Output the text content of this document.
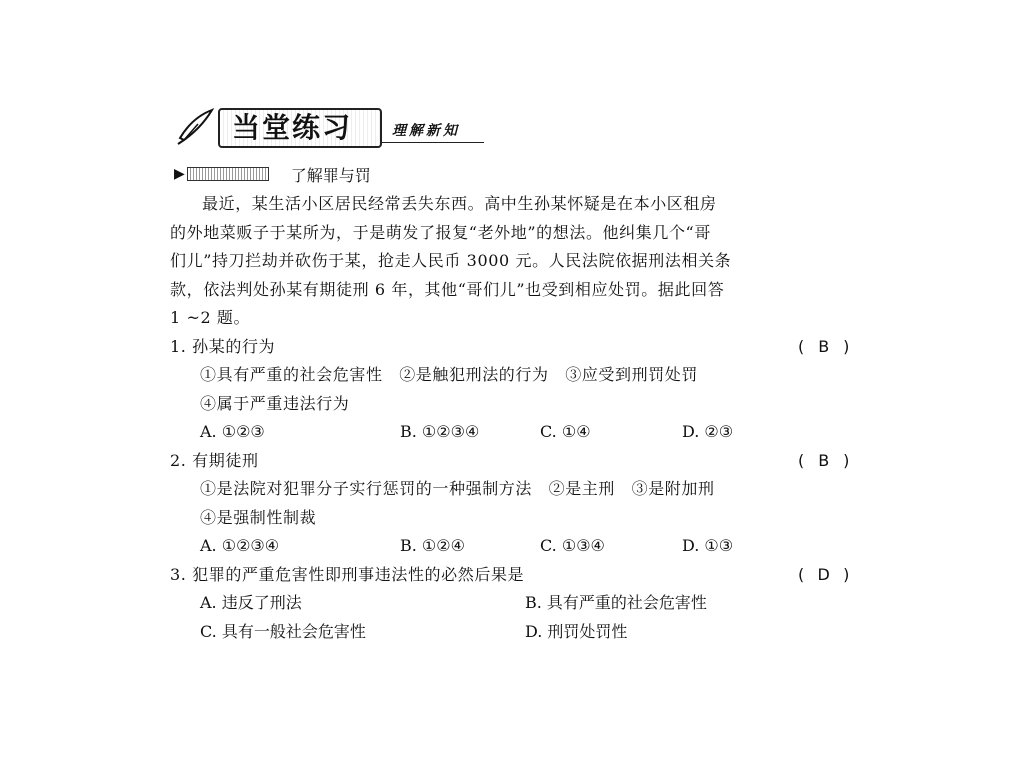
当堂练习	理解新知
▶	了解罪与罚
最近，某生活小区居民经常丢失东西。高中生孙某怀疑是在本小区租房
的外地菜贩子于某所为，于是萌发了报复“老外地”的想法。他纠集几个“哥
们儿”持刀拦劫并砍伤于某，抢走人民币 3000 元。人民法院依据刑法相关条
款，依法判处孙某有期徒刑 6 年，其他“哥们儿”也受到相应处罚。据此回答
1 ~2 题。
1. 孙某的行为	( B )
①具有严重的社会危害性　②是触犯刑法的行为　③应受到刑罚处罚
④属于严重违法行为
A. ①②③	B. ①②③④	C. ①④	D. ②③
2. 有期徒刑	( B )
①是法院对犯罪分子实行惩罚的一种强制方法　②是主刑　③是附加刑
④是强制性制裁
A. ①②③④	B. ①②④	C. ①③④	D. ①③
3. 犯罪的严重危害性即刑事违法性的必然后果是	( D )
A. 违反了刑法	B. 具有严重的社会危害性
C. 具有一般社会危害性	D. 刑罚处罚性
